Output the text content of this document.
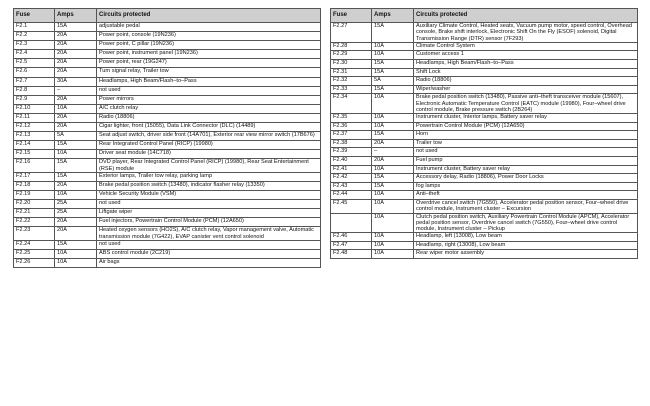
Fuse	Amps	Circuits protected
F2.1	15A	adjustable pedal
F2.2	20A	Power point, console (19N236)
F2.3	20A	Power point, C pillar (19N236)
F2.4	20A	Power point, instrument panel (19N236)
F2.5	20A	Power point, rear (19G247)
F2.6	20A	Turn signal relay, Trailer tow
F2.7	30A	Headlamps, High Beam/Flash–to–Pass
F2.8	–	not used
F2.9	20A	Power mirrors
F2.10	10A	A/C clutch relay
F2.11	20A	Radio (18806)
F2.12	20A	Cigar lighter, front (15055), Data Link Connector (DLC) (14489)
F2.13	5A	Seat adjust switch, driver side front (14A701), Exterior rear view mirror switch (17B676)
F2.14	15A	Rear Integrated Control Panel (RICP) (19980)
F2.15	10A	Driver seat module (14C718)
F2.16	15A	DVD player, Rear Integrated Control Panel (RICP) (19980), Rear Seat Entertainment (RSE) module
F2.17	15A	Exterior lamps, Trailer tow relay, parking lamp
F2.18	20A	Brake pedal position switch (13480), indicator flasher relay (13350)
F2.19	10A	Vehicle Security Module (VSM)
F2.20	25A	not used
F2.21	25A	Liftgate wiper
F2.22	20A	Fuel injectors, Powertrain Control Module (PCM) (12A650)
F2.23	20A	Heated oxygen sensors (HO2S), A/C clutch relay, Vapor management valve, Automatic transmission module (7G422), EVAP canister vent control solenoid
F2.24	15A	not used
F2.25	10A	ABS control module (2C219)
F2.26	10A	Air bags
Fuse	Amps	Circuits protected
F2.27	15A	Auxiliary Climate Control, Heated seats, Vacuum pump motor, speed control, Overhead console, Brake shift interlock, Electronic Shift On the Fly (ESOF) solenoid, Digital Transmission Range (DTR) sensor (7F293)
F2.28	10A	Climate Control System
F2.29	10A	Customer access 1
F2.30	15A	Headlamps, High Beam/Flash–to–Pass
F2.31	15A	Shift Lock
F2.32	5A	Radio (18806)
F2.33	15A	Wiper/washer
F2.34	10A	Brake pedal position switch (13480), Passive anti–theft transceiver module (15607), Electronic Automatic Temperature Control (EATC) module (19980), Four–wheel drive control module, Brake pressure switch (2B264)
F2.35	10A	Instrument cluster, Interior lamps, Battery saver relay
F2.36	10A	Powertrain Control Module (PCM) (12A650)
F2.37	15A	Horn
F2.38	20A	Trailer tow
F2.39	–	not used
F2.40	20A	Fuel pump
F2.41	10A	Instrument cluster, Battery saver relay
F2.42	15A	Accessory delay, Radio (18806), Power Door Locks
F2.43	15A	fog lamps
F2.44	10A	Anti–theft
F2.45	10A	Overdrive cancel switch (7G550), Accelerator pedal position sensor, Four–wheel drive control module, Instrument cluster – Excursion
	10A	Clutch pedal position switch, Auxiliary Powertrain Control Module (APCM), Accelerator pedal position sensor, Overdrive cancel switch (7G550), Four–wheel drive control module, Instrument cluster – Pickup
F2.46	10A	Headlamp, left (13008), Low beam
F2.47	10A	Headlamp, right (13008), Low beam
F2.48	10A	Rear wiper motor assembly
